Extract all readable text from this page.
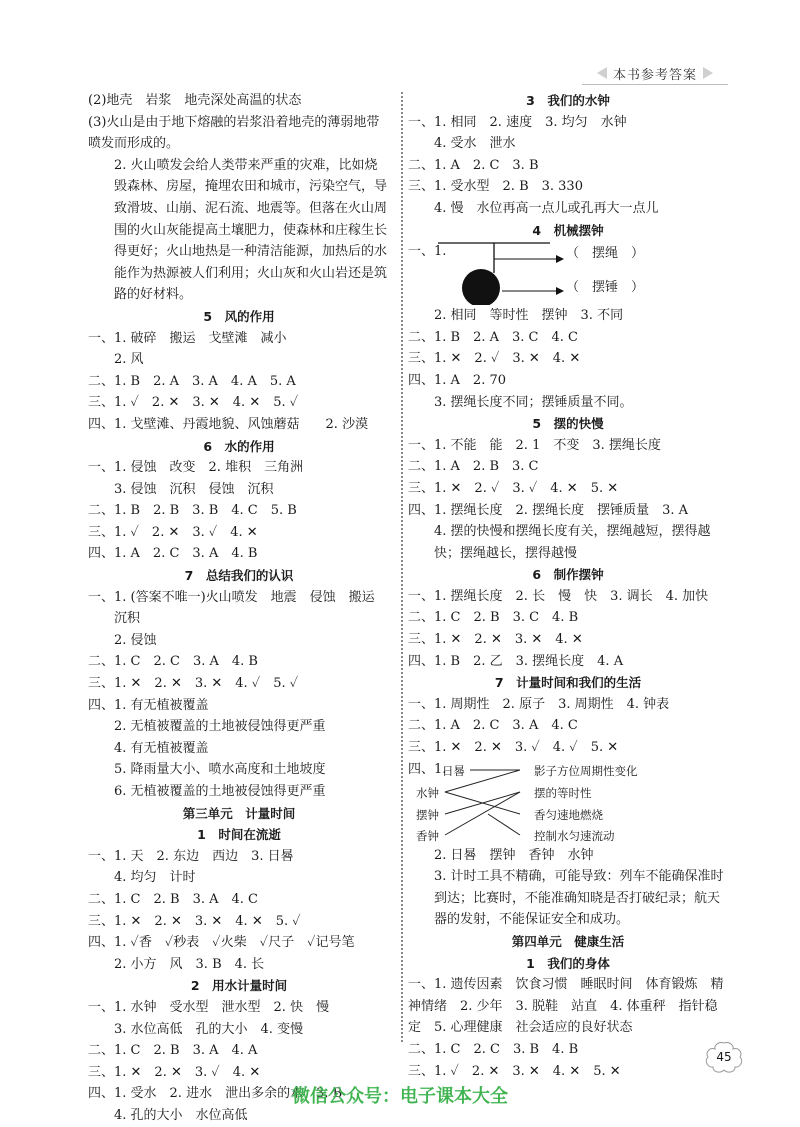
本书参考答案
(2)地壳　岩浆　地壳深处高温的状态
(3)火山是由于地下熔融的岩浆沿着地壳的薄弱地带喷发而形成的。
2. 火山喷发会给人类带来严重的灾难，比如烧毁森林、房屋，掩埋农田和城市，污染空气，导致滑坡、山崩、泥石流、地震等。但落在火山周围的火山灰能提高土壤肥力，使森林和庄稼生长得更好；火山地热是一种清洁能源，加热后的水能作为热源被人们利用；火山灰和火山岩还是筑路的好材料。
5　风的作用
一、1. 破碎　搬运　戈壁滩　减小
2. 风
二、1. B　2. A　3. A　4. A　5. A
三、1. ✓　2. ✕　3. ✕　4. ✕　5. ✓
四、1. 戈壁滩、丹霞地貌、风蚀蘑菇　　2. 沙漠
6　水的作用
一、1. 侵蚀　改变　2. 堆积　三角洲
3. 侵蚀　沉积　侵蚀　沉积
二、1. B　2. B　3. B　4. C　5. B
三、1. ✓　2. ✕　3. ✓　4. ✕
四、1. A　2. C　3. A　4. B
7　总结我们的认识
一、1. (答案不唯一)火山喷发　地震　侵蚀　搬运
沉积
2. 侵蚀
二、1. C　2. C　3. A　4. B
三、1. ✕　2. ✕　3. ✕　4. ✓　5. ✓
四、1. 有无植被覆盖
2. 无植被覆盖的土地被侵蚀得更严重
4. 有无植被覆盖
5. 降雨量大小、喷水高度和土地坡度
6. 无植被覆盖的土地被侵蚀得更严重
第三单元　计量时间
1　时间在流逝
一、1. 天　2. 东边　西边　3. 日晷
4. 均匀　计时
二、1. C　2. B　3. A　4. C
三、1. ✕　2. ✕　3. ✕　4. ✕　5. ✓
四、1. ✓香　✓秒表　✓火柴　✓尺子　✓记号笔
2. 小方　风　3. B　4. 长
2　用水计量时间
一、1. 水钟　受水型　泄水型　2. 快　慢
3. 水位高低　孔的大小　4. 变慢
二、1. C　2. B　3. A　4. A
三、1. ✕　2. ✕　3. ✓　4. ✕
四、1. 受水　2. 进水　泄出多余的水　3. B
4. 孔的大小　水位高低
3　我们的水钟
一、1. 相同　2. 速度　3. 均匀　水钟
4. 受水　泄水
二、1. A　2. C　3. B
三、1. 受水型　2. B　3. 330
4. 慢　水位再高一点儿或孔再大一点儿
4　机械摆钟
一、1.	（　摆绳　）
（　摆锤　）
2. 相同　等时性　摆钟　3. 不同
二、1. B　2. A　3. C　4. C
三、1. ✕　2. ✓　3. ✕　4. ✕
四、1. A　2. 70
3. 摆绳长度不同；摆锤质量不同。
5　摆的快慢
一、1. 不能　能　2. 1　不变　3. 摆绳长度
二、1. A　2. B　3. C
三、1. ✕　2. ✓　3. ✓　4. ✕　5. ✕
四、1. 摆绳长度　2. 摆绳长度　摆锤质量　3. A
4. 摆的快慢和摆绳长度有关，摆绳越短，摆得越快；摆绳越长，摆得越慢
6　制作摆钟
一、1. 摆绳长度　2. 长　慢　快　3. 调长　4. 加快
二、1. C　2. B　3. C　4. B
三、1. ✕　2. ✕　3. ✕　4. ✕
四、1. B　2. 乙　3. 摆绳长度　4. A
7　计量时间和我们的生活
一、1. 周期性　2. 原子　3. 周期性　4. 钟表
二、1. A　2. C　3. A　4. C
三、1. ✕　2. ✕　3. ✓　4. ✓　5. ✕
四、1.
日晷
水钟
摆钟
香钟
影子方位周期性变化
摆的等时性
香匀速地燃烧
控制水匀速流动
2. 日晷　摆钟　香钟　水钟
3. 计时工具不精确，可能导致：列车不能确保准时到达；比赛时，不能准确知晓是否打破纪录；航天器的发射，不能保证安全和成功。
第四单元　健康生活
1　我们的身体
一、1. 遗传因素　饮食习惯　睡眠时间　体育锻炼　精神情绪　2. 少年　3. 脱鞋　站直　4. 体重秤　指针稳定　5. 心理健康　社会适应的良好状态
二、1. C　2. C　3. B　4. B
三、1. ✓　2. ✕　3. ✕　4. ✕　5. ✕
45
微信公众号：电子课本大全
